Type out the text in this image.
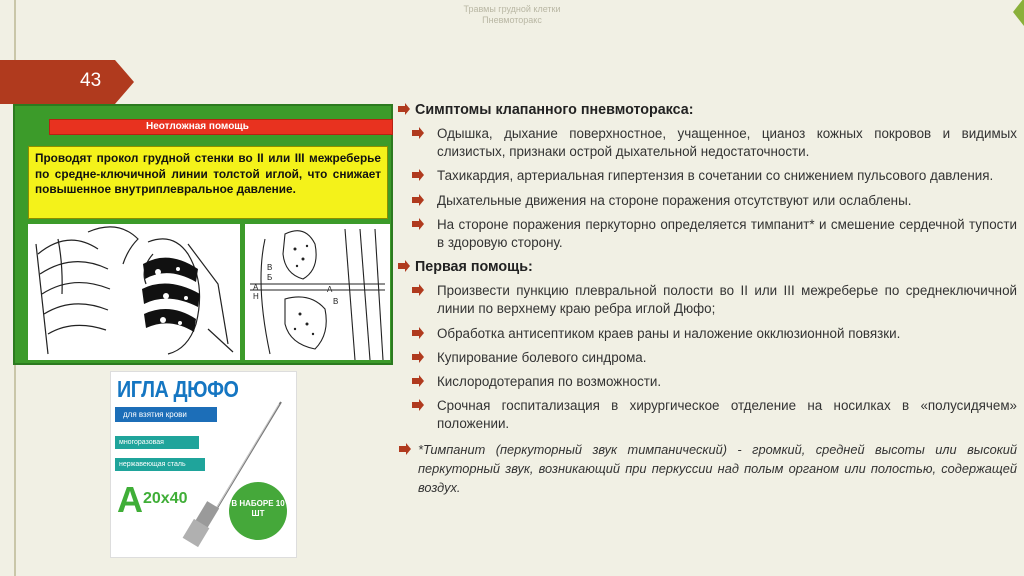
Травмы грудной клетки
Пневмоторакс
43
Неотложная помощь
Проводят прокол грудной стенки во II или III межреберье по средне-ключичной линии толстой иглой, что снижает повышенное внутриплевральное давление.
В
Б
А
Н
А
В
ИГЛА ДЮФО
для взятия крови
многоразовая
нержавеющая сталь
А 20х40	В НАБОРЕ 10 ШТ
Симптомы клапанного пневмоторакса:
Одышка, дыхание поверхностное, учащенное, цианоз кожных покровов и видимых слизистых, признаки острой дыхательной недостаточности.
Тахикардия, артериальная гипертензия в сочетании со снижением пульсового давления.
Дыхательные движения на стороне поражения отсутствуют или ослаблены.
На стороне поражения перкуторно определяется тимпанит* и смешение сердечной тупости в здоровую сторону.
Первая помощь:
Произвести пункцию плевральной полости во II или III межреберье по среднеключичной линии по верхнему краю ребра иглой Дюфо;
Обработка антисептиком краев раны и наложение окклюзионной повязки.
Купирование болевого синдрома.
Кислородотерапия по возможности.
Срочная госпитализация в хирургическое отделение на носилках в «полусидячем» положении.
*Тимпанит (перкуторный звук тимпанический) - громкий, средней высоты или высокий перкуторный звук, возникающий при перкуссии над полым органом или полостью, содержащей воздух.
